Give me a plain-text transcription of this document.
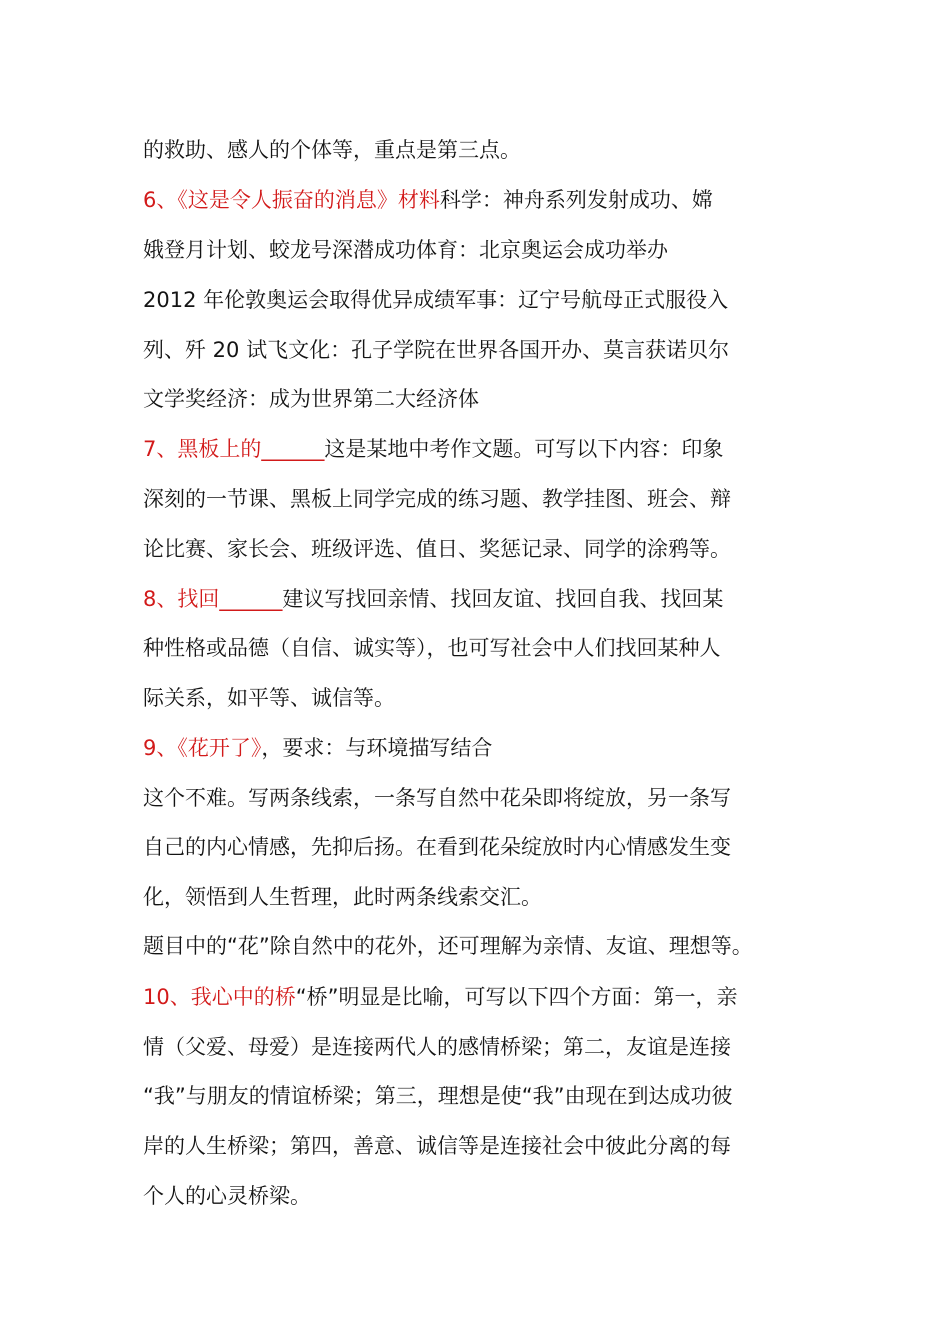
的救助、感人的个体等，重点是第三点。
6、《这是令人振奋的消息》材料科学：神舟系列发射成功、嫦
娥登月计划、蛟龙号深潜成功体育：北京奥运会成功举办
2012 年伦敦奥运会取得优异成绩军事：辽宁号航母正式服役入
列、歼 20 试飞文化：孔子学院在世界各国开办、莫言获诺贝尔
文学奖经济：成为世界第二大经济体
7、黑板上的______这是某地中考作文题。可写以下内容：印象
深刻的一节课、黑板上同学完成的练习题、教学挂图、班会、辩
论比赛、家长会、班级评选、值日、奖惩记录、同学的涂鸦等。
8、找回______建议写找回亲情、找回友谊、找回自我、找回某
种性格或品德（自信、诚实等），也可写社会中人们找回某种人
际关系，如平等、诚信等。
9、《花开了》，要求：与环境描写结合
这个不难。写两条线索，一条写自然中花朵即将绽放，另一条写
自己的内心情感，先抑后扬。在看到花朵绽放时内心情感发生变
化，领悟到人生哲理，此时两条线索交汇。
题目中的“花”除自然中的花外，还可理解为亲情、友谊、理想等。
10、我心中的桥“桥”明显是比喻，可写以下四个方面：第一，亲
情（父爱、母爱）是连接两代人的感情桥梁；第二，友谊是连接
“我”与朋友的情谊桥梁；第三，理想是使“我”由现在到达成功彼
岸的人生桥梁；第四，善意、诚信等是连接社会中彼此分离的每
个人的心灵桥梁。
